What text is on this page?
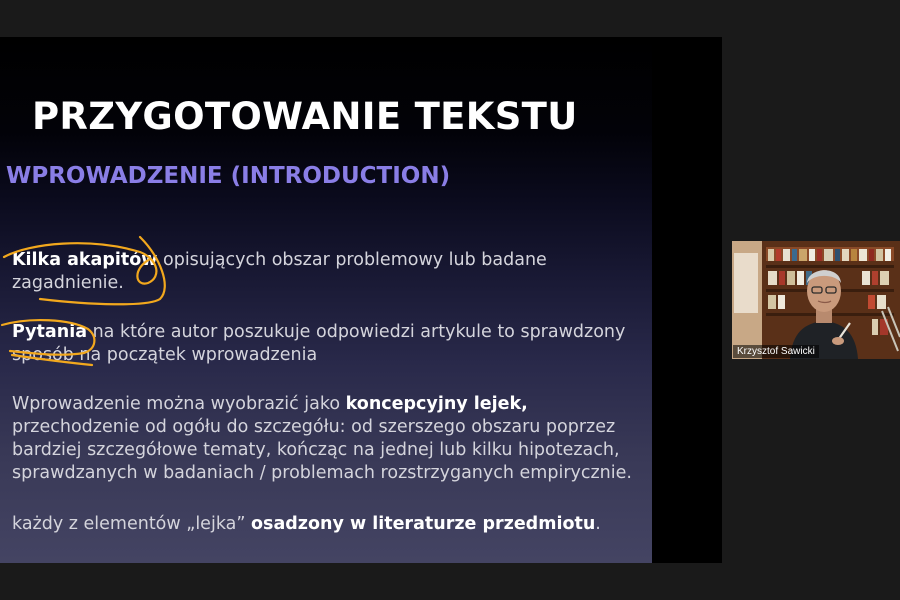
PRZYGOTOWANIE TEKSTU
WPROWADZENIE (INTRODUCTION)

Kilka akapitów opisujących obszar problemowy lub badane
zagadnienie.

Pytania na które autor poszukuje odpowiedzi artykule to sprawdzony
sposób na początek wprowadzenia

Wprowadzenie można wyobrazić jako koncepcyjny lejek,
przechodzenie od ogółu do szczegółu: od szerszego obszaru poprzez
bardziej szczegółowe tematy, kończąc na jednej lub kilku hipotezach,
sprawdzanych w badaniach / problemach rozstrzyganych empirycznie.

każdy z elementów „lejka” osadzony w literaturze przedmiotu.

Krzysztof Sawicki
